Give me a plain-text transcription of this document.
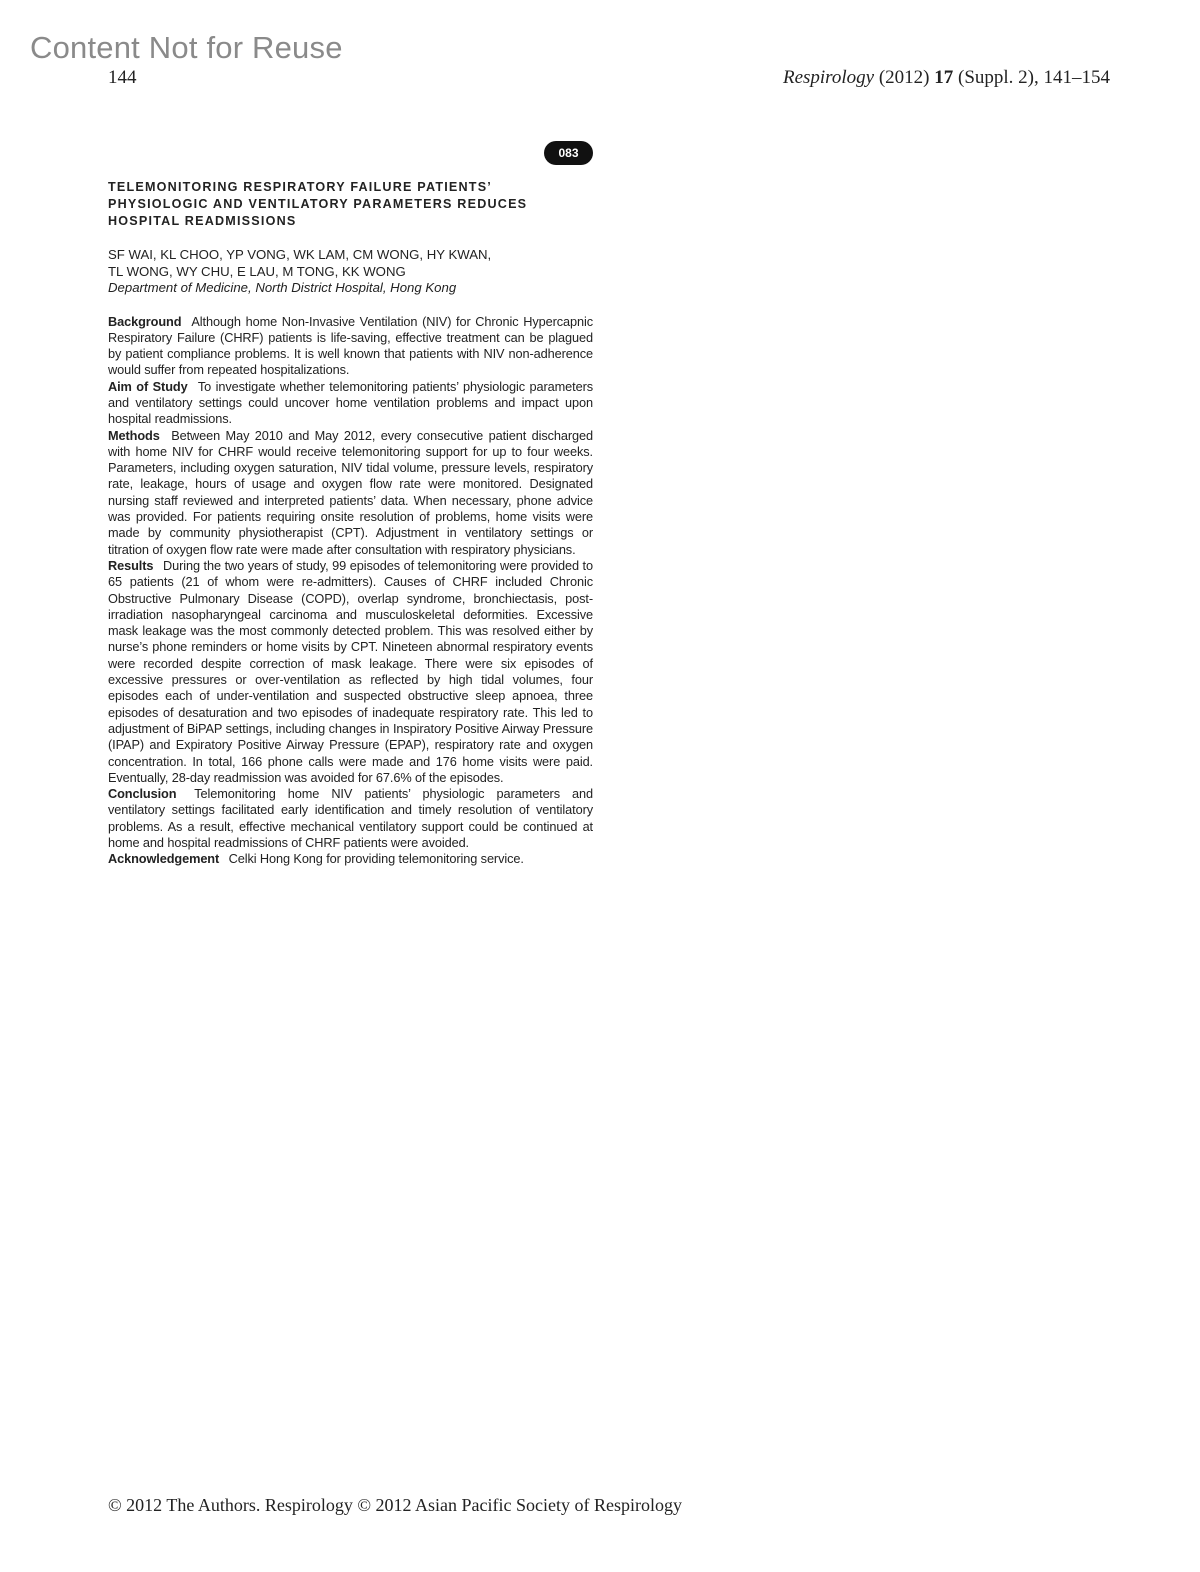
Content Not for Reuse
144	Respirology (2012) 17 (Suppl. 2), 141–154
083
TELEMONITORING RESPIRATORY FAILURE PATIENTS’
PHYSIOLOGIC AND VENTILATORY PARAMETERS REDUCES
HOSPITAL READMISSIONS
SF WAI, KL CHOO, YP VONG, WK LAM, CM WONG, HY KWAN,
TL WONG, WY CHU, E LAU, M TONG, KK WONG
Department of Medicine, North District Hospital, Hong Kong

Background Although home Non-Invasive Ventilation (NIV) for Chronic Hypercapnic Respiratory Failure (CHRF) patients is life-saving, effective treatment can be plagued by patient compliance problems. It is well known that patients with NIV non-adherence would suffer from repeated hospitalizations.

Aim of Study To investigate whether telemonitoring patients’ physiologic parameters and ventilatory settings could uncover home ventilation problems and impact upon hospital readmissions.

Methods Between May 2010 and May 2012, every consecutive patient discharged with home NIV for CHRF would receive telemonitoring support for up to four weeks. Parameters, including oxygen saturation, NIV tidal volume, pressure levels, respiratory rate, leakage, hours of usage and oxygen flow rate were monitored. Designated nursing staff reviewed and interpreted patients’ data. When necessary, phone advice was provided. For patients requiring onsite resolution of problems, home visits were made by community physiotherapist (CPT). Adjustment in ventilatory settings or titration of oxygen flow rate were made after consultation with respiratory physicians.

Results During the two years of study, 99 episodes of telemonitoring were provided to 65 patients (21 of whom were re-admitters). Causes of CHRF included Chronic Obstructive Pulmonary Disease (COPD), overlap syndrome, bronchiectasis, post-irradiation nasopharyngeal carcinoma and musculoskeletal deformities. Excessive mask leakage was the most commonly detected problem. This was resolved either by nurse’s phone reminders or home visits by CPT. Nineteen abnormal respiratory events were recorded despite correction of mask leakage. There were six episodes of excessive pressures or over-ventilation as reflected by high tidal volumes, four episodes each of under-ventilation and suspected obstructive sleep apnoea, three episodes of desaturation and two episodes of inadequate respiratory rate. This led to adjustment of BiPAP settings, including changes in Inspiratory Positive Airway Pressure (IPAP) and Expiratory Positive Airway Pressure (EPAP), respiratory rate and oxygen concentration. In total, 166 phone calls were made and 176 home visits were paid. Eventually, 28-day readmission was avoided for 67.6% of the episodes.

Conclusion Telemonitoring home NIV patients’ physiologic parameters and ventilatory settings facilitated early identification and timely resolution of ventilatory problems. As a result, effective mechanical ventilatory support could be continued at home and hospital readmissions of CHRF patients were avoided.

Acknowledgement Celki Hong Kong for providing telemonitoring service.

© 2012 The Authors. Respirology © 2012 Asian Pacific Society of Respirology
